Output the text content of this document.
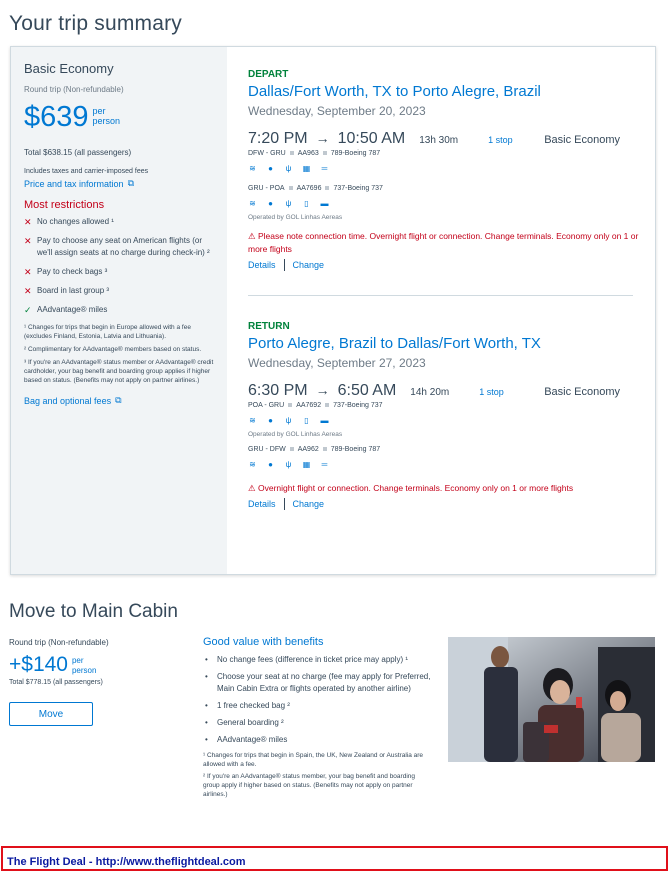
Your trip summary
Basic Economy
Round trip (Non-refundable)
$639 per
person
Total $638.15 (all passengers)
Includes taxes and carrier-imposed fees
Price and tax information ⧉
Most restrictions
✕ No changes allowed ¹
✕ Pay to choose any seat on American flights (or we'll assign seats at no charge during check-in) ²
✕ Pay to check bags ³
✕ Board in last group ³
✓ AAdvantage® miles
¹ Changes for trips that begin in Europe allowed with a fee (excludes Finland, Estonia, Latvia and Lithuania).
² Complimentary for AAdvantage® members based on status.
³ If you're an AAdvantage® status member or AAdvantage® credit cardholder, your bag benefit and boarding group applies if higher based on status. (Benefits may not apply on partner airlines.)
Bag and optional fees ⧉
DEPART
Dallas/Fort Worth, TX to Porto Alegre, Brazil
Wednesday, September 20, 2023
7:20 PM → 10:50 AM 13h 30m	1 stop	Basic Economy
DFW - GRU AA963 789-Boeing 787
≋ ● ψ ▦ ═
GRU - POA AA7696 737-Boeing 737
≋ ● ψ ▯ ▬
Operated by GOL Linhas Aereas
⚠ Please note connection time. Overnight flight or connection. Change terminals. Economy only on 1 or more flights
Details Change
RETURN
Porto Alegre, Brazil to Dallas/Fort Worth, TX
Wednesday, September 27, 2023
6:30 PM → 6:50 AM 14h 20m	1 stop	Basic Economy
POA - GRU AA7692 737-Boeing 737
≋ ● ψ ▯ ▬
Operated by GOL Linhas Aereas
GRU - DFW AA962 789-Boeing 787
≋ ● ψ ▦ ═
⚠ Overnight flight or connection. Change terminals. Economy only on 1 or more flights
Details Change
Move to Main Cabin
Round trip (Non-refundable)
+$140 per
person
Total $778.15 (all passengers)
Move
Good value with benefits
• No change fees (difference in ticket price may apply) ¹
• Choose your seat at no charge (fee may apply for Preferred, Main Cabin Extra or flights operated by another airline)
• 1 free checked bag ²
• General boarding ²
• AAdvantage® miles
¹ Changes for trips that begin in Spain, the UK, New Zealand or Australia are allowed with a fee.
² If you're an AAdvantage® status member, your bag benefit and boarding group apply if higher based on status. (Benefits may not apply on partner airlines.)
The Flight Deal - http://www.theflightdeal.com
